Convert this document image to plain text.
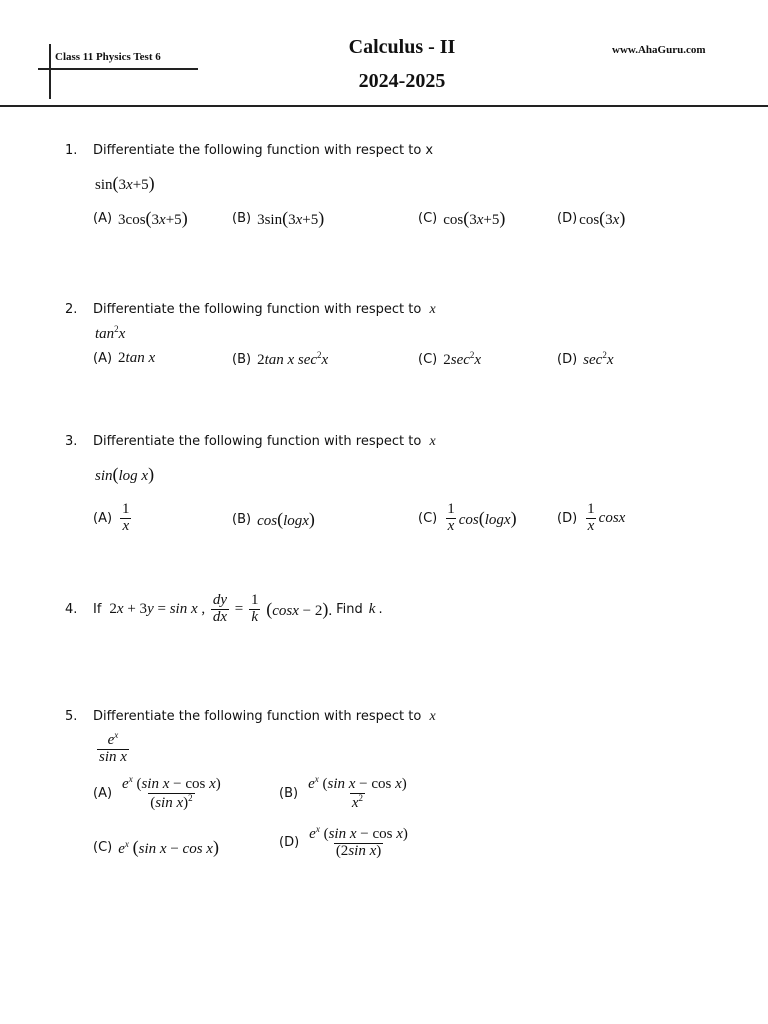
Class 11 Physics Test 6	Calculus - II
2024-2025
www.AhaGuru.com
1. Differentiate the following function with respect to x
sin(3x+5)
(A) 3cos(3x+5)	(B) 3sin(3x+5)	(C) cos(3x+5)	(D) cos(3x)
2. Differentiate the following function with respect to x
$\tan^2x$
(A) 2tan x	(B) 2tan x $\sec^2x$	(C) $2\sec^2x$	(D) $\sec^2x$
3. Differentiate the following function with respect to x
sin(log x)
$(A) \frac{1}{x}$	(B) cos(logx)	$(C) \frac{1}{x} \cos(\log x)$	$(D) \frac{1}{x}$ cosx
4. If 2x + 3y = sin x , $\frac{dy}{dx} = \frac{1}{k} (\cos x - 2)$. Find k .
5. Differentiate the following function with respect to x
$\frac{e^x}{\text{sin x}}$
$(A) \frac{e^x (\sin x - \cos x)}{(\sin x)^2}$	$(B) \frac{e^x (\sin x - \cos x)}{x^2}$
(C) $e^x$ (sin x − cos x)	$(D) \frac{e^x (\sin x - \cos x)}{\text{(2sin x)}}$
